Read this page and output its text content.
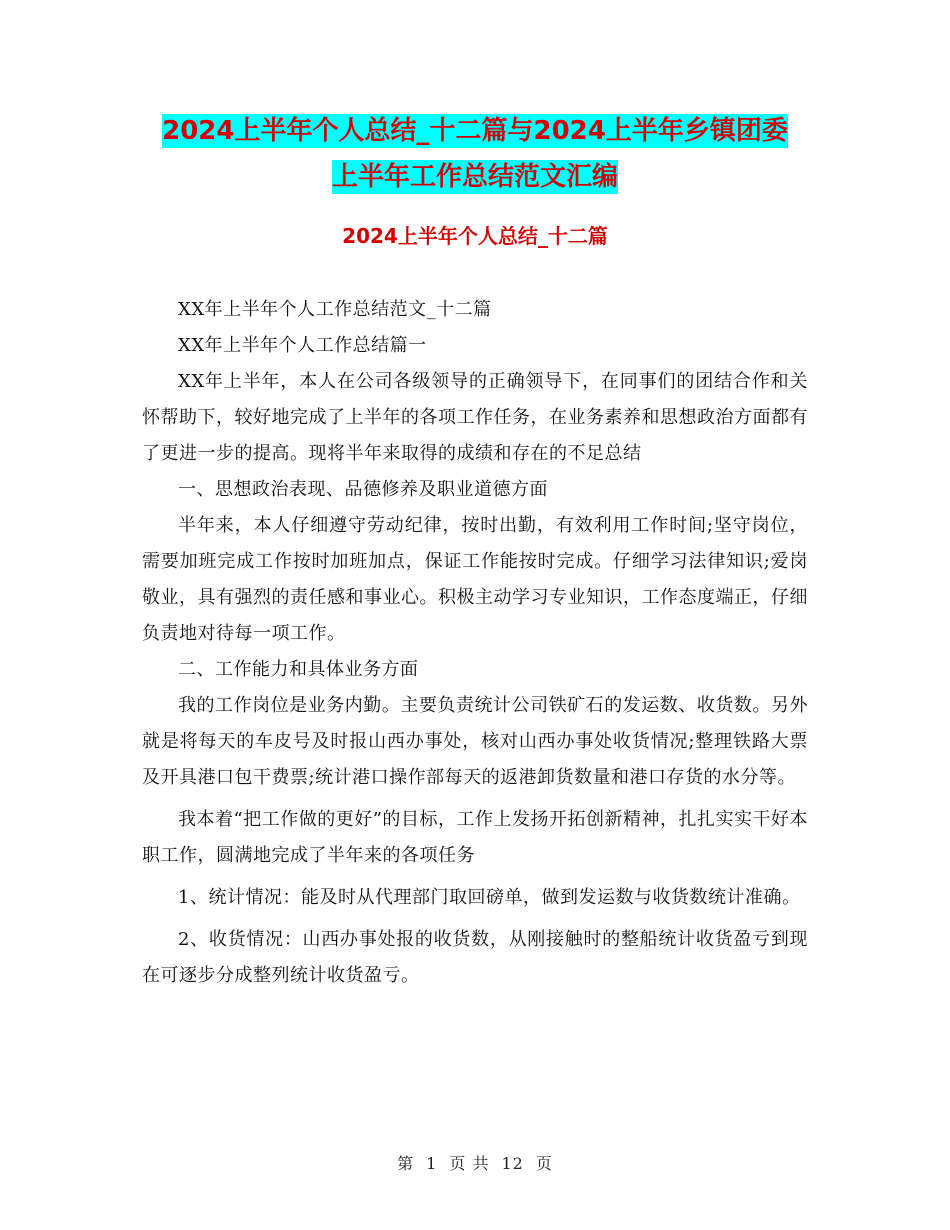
2024上半年个人总结_十二篇与2024上半年乡镇团委
上半年工作总结范文汇编
2024上半年个人总结_十二篇

XX年上半年个人工作总结范文_十二篇

XX年上半年个人工作总结篇一

XX年上半年，本人在公司各级领导的正确领导下，在同事们的团结合作和关怀帮助下，较好地完成了上半年的各项工作任务，在业务素养和思想政治方面都有了更进一步的提高。现将半年来取得的成绩和存在的不足总结

一、思想政治表现、品德修养及职业道德方面

半年来，本人仔细遵守劳动纪律，按时出勤，有效利用工作时间;坚守岗位，需要加班完成工作按时加班加点，保证工作能按时完成。仔细学习法律知识;爱岗敬业，具有强烈的责任感和事业心。积极主动学习专业知识，工作态度端正，仔细负责地对待每一项工作。

二、工作能力和具体业务方面

我的工作岗位是业务内勤。主要负责统计公司铁矿石的发运数、收货数。另外就是将每天的车皮号及时报山西办事处，核对山西办事处收货情况;整理铁路大票及开具港口包干费票;统计港口操作部每天的返港卸货数量和港口存货的水分等。

我本着“把工作做的更好”的目标，工作上发扬开拓创新精神，扎扎实实干好本职工作，圆满地完成了半年来的各项任务

1、统计情况：能及时从代理部门取回磅单，做到发运数与收货数统计准确。

2、收货情况：山西办事处报的收货数，从刚接触时的整船统计收货盈亏到现在可逐步分成整列统计收货盈亏。

第 1 页 共 12 页
